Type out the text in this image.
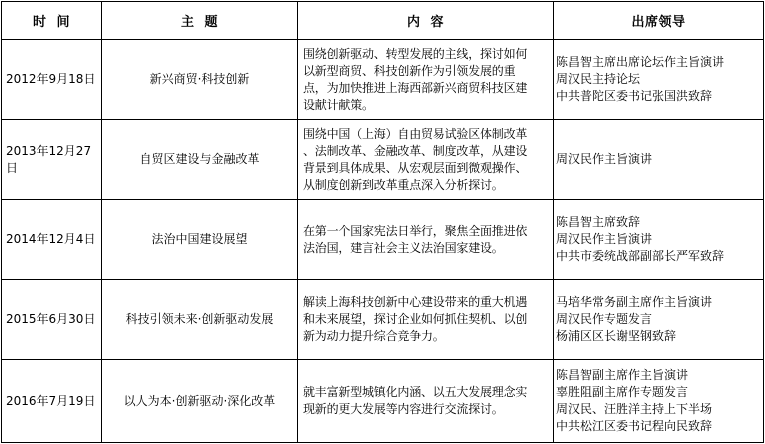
时  间	主  题	内  容	出席领导
2012年9月18日	新兴商贸·科技创新	围绕创新驱动、转型发展的主线，探讨如何
以新型商贸、科技创新作为引领发展的重
点，为加快推进上海西部新兴商贸科技区建
设献计献策。	陈昌智主席出席论坛作主旨演讲
周汉民主持论坛
中共普陀区委书记张国洪致辞

2013年12月27日	自贸区建设与金融改革	围绕中国（上海）自由贸易试验区体制改革
、法制改革、金融改革、制度改革，从建设
背景到具体成果、从宏观层面到微观操作、
从制度创新到改革重点深入分析探讨。	周汉民作主旨演讲

2014年12月4日	法治中国建设展望	在第一个国家宪法日举行，聚焦全面推进依
法治国，建言社会主义法治国家建设。	陈昌智主席致辞
周汉民作主旨演讲
中共市委统战部副部长严军致辞

2015年6月30日	科技引领未来·创新驱动发展	解读上海科技创新中心建设带来的重大机遇
和未来展望，探讨企业如何抓住契机、以创
新为动力提升综合竞争力。	马培华常务副主席作主旨演讲
周汉民作专题发言
杨浦区区长谢坚钢致辞

2016年7月19日	以人为本·创新驱动·深化改革	就丰富新型城镇化内涵、以五大发展理念实
现新的更大发展等内容进行交流探讨。	陈昌智副主席作主旨演讲
辜胜阻副主席作专题发言
周汉民、汪胜洋主持上下半场
中共松江区委书记程向民致辞
